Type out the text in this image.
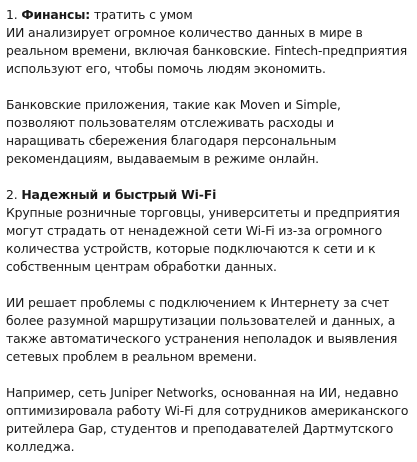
1. Финансы: тратить с умом
ИИ анализирует огромное количество данных в мире в реальном времени, включая банковские. Fintech-предприятия используют его, чтобы помочь людям экономить.
Банковские приложения, такие как Moven и Simple, позволяют пользователям отслеживать расходы и наращивать сбережения благодаря персональным рекомендациям, выдаваемым в режиме онлайн.
2. Надежный и быстрый Wi-Fi
Крупные розничные торговцы, университеты и предприятия могут страдать от ненадежной сети Wi-Fi из-за огромного количества устройств, которые подключаются к сети и к собственным центрам обработки данных.
ИИ решает проблемы с подключением к Интернету за счет более разумной маршрутизации пользователей и данных, а также автоматического устранения неполадок и выявления сетевых проблем в реальном времени.
Например, сеть Juniper Networks, основанная на ИИ, недавно оптимизировала работу Wi-Fi для сотрудников американского ритейлера Gap, студентов и преподавателей Дартмутского колледжа.
